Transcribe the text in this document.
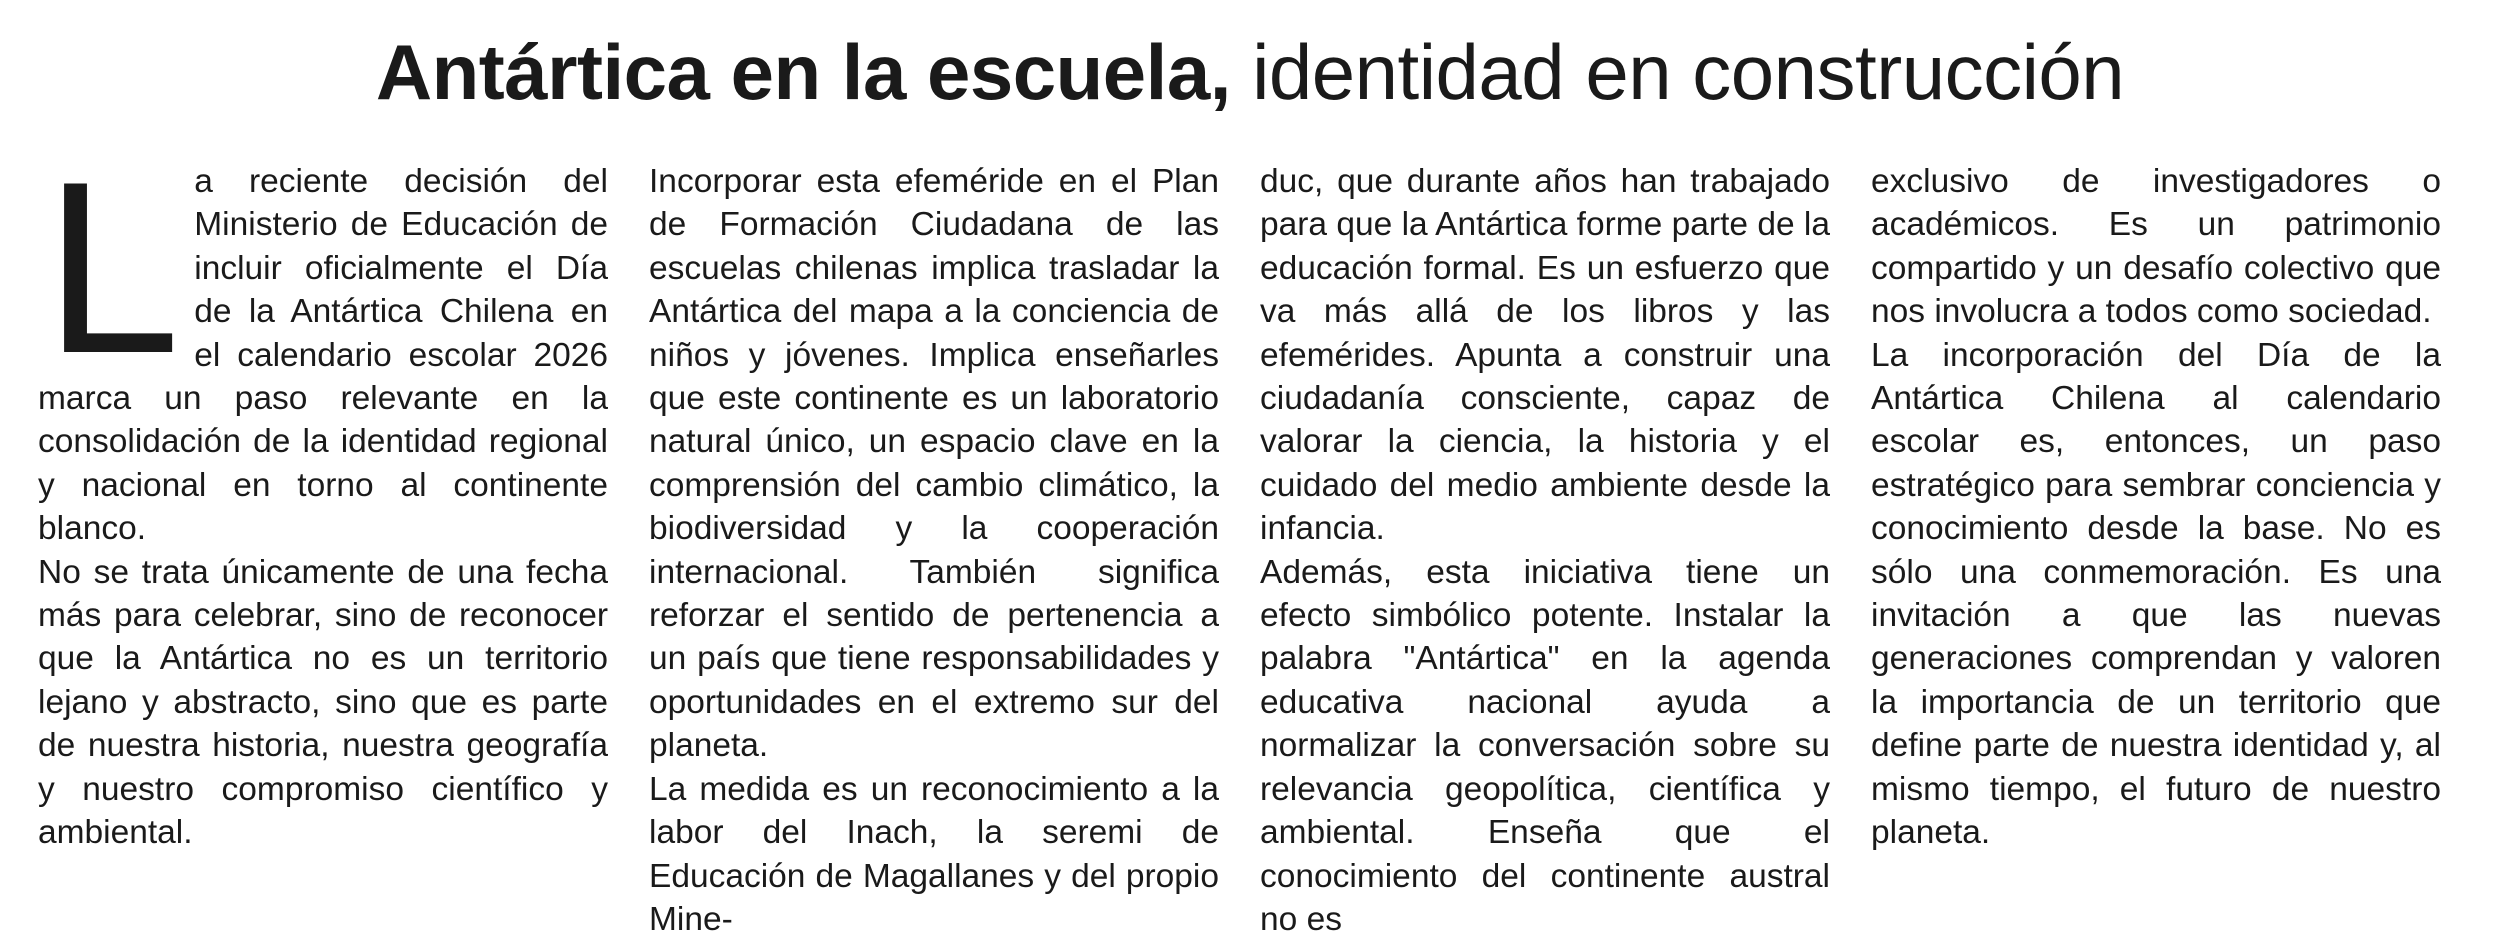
Antártica en la escuela, identidad en construcción

La reciente decisión del Ministerio de Educación de incluir oficialmente el Día de la Antártica Chilena en el calendario escolar 2026 marca un paso relevante en la consolidación de la identidad regional y nacional en torno al continente blanco.

No se trata únicamente de una fecha más para celebrar, sino de reconocer que la Antártica no es un territorio lejano y abstracto, sino que es parte de nuestra historia, nuestra geografía y nuestro compromiso científico y ambiental.

Incorporar esta efeméride en el Plan de Formación Ciudadana de las escuelas chilenas implica trasladar la Antártica del mapa a la conciencia de niños y jóvenes. Implica enseñarles que este continente es un laboratorio natural único, un espacio clave en la comprensión del cambio climático, la biodiversidad y la cooperación internacional. También significa reforzar el sentido de pertenencia a un país que tiene responsabilidades y oportunidades en el extremo sur del planeta.

La medida es un reconocimiento a la labor del Inach, la seremi de Educación de Magallanes y del propio Mine-

duc, que durante años han trabajado para que la Antártica forme parte de la educación formal. Es un esfuerzo que va más allá de los libros y las efemérides. Apunta a construir una ciudadanía consciente, capaz de valorar la ciencia, la historia y el cuidado del medio ambiente desde la infancia.

Además, esta iniciativa tiene un efecto simbólico potente. Instalar la palabra "Antártica" en la agenda educativa nacional ayuda a normalizar la conversación sobre su relevancia geopolítica, científica y ambiental. Enseña que el conocimiento del continente austral no es

exclusivo de investigadores o académicos. Es un patrimonio compartido y un desafío colectivo que nos involucra a todos como sociedad.

La incorporación del Día de la Antártica Chilena al calendario escolar es, entonces, un paso estratégico para sembrar conciencia y conocimiento desde la base. No es sólo una conmemoración. Es una invitación a que las nuevas generaciones comprendan y valoren la importancia de un territorio que define parte de nuestra identidad y, al mismo tiempo, el futuro de nuestro planeta.
